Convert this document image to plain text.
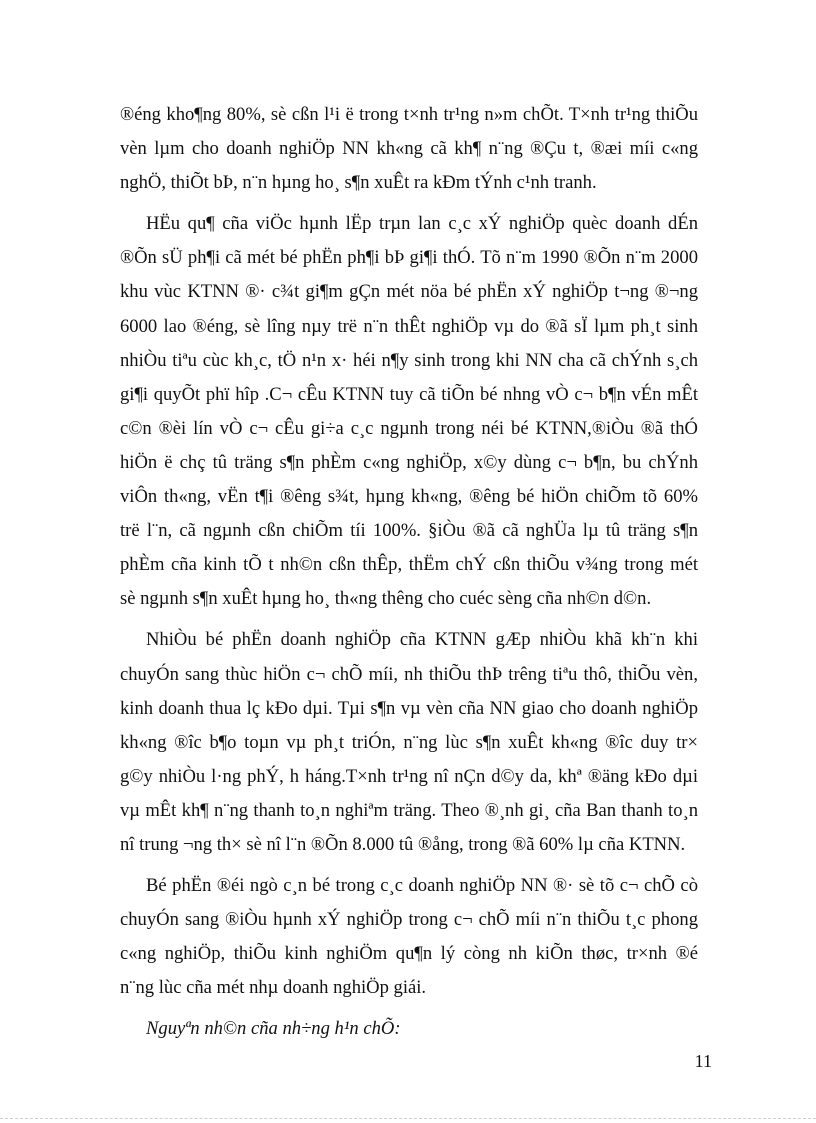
®éng kho¶ng 80%, sè cßn l¹i ë trong t×nh tr¹ng n»m chÕt. T×nh tr¹ng thiÕu
vèn lµm cho doanh nghiÖp NN kh«ng cã kh¶ n¨ng ®Çu t, ®æi míi c«ng
nghÖ, thiÕt bÞ, n¨n hµng ho¸ s¶n xuÊt ra kÐm tÝnh c¹nh tranh.

HËu qu¶ cña viÖc hµnh lËp trµn lan c¸c xÝ nghiÖp quèc doanh dÉn
®Õn sÜ ph¶i cã mét bé phËn ph¶i bÞ gi¶i thÓ. Tõ n¨m 1990 ®Õn n¨m 2000
khu vùc KTNN ®· c¾t gi¶m gÇn mét nöa bé phËn xÝ nghiÖp t¬ng ®¬ng
6000 lao ®éng, sè lîng nµy trë n¨n thÊt nghiÖp vµ do ®ã sÏ lµm ph¸t sinh
nhiÒu tiªu cùc kh¸c, tÖ n¹n x· héi n¶y sinh trong khi NN cha cã chÝnh s¸ch
gi¶i quyÕt phï hîp .C¬ cÊu KTNN tuy cã tiÕn bé nhng vÒ c¬ b¶n vÉn mÊt
c©n ®èi lín vÒ c¬ cÊu gi÷a c¸c ngµnh trong néi bé KTNN,®iÒu ®ã thÓ
hiÖn ë chç tû träng s¶n phÈm c«ng nghiÖp, x©y dùng c¬ b¶n, bu chÝnh
viÔn th«ng, vËn t¶i ®êng s¾t, hµng kh«ng, ®êng bé hiÖn chiÕm tõ 60%
trë l¨n, cã ngµnh cßn chiÕm tíi 100%. §iÒu ®ã cã nghÜa lµ tû träng s¶n
phÈm cña kinh tÕ t nh©n cßn thÊp, thËm chÝ cßn thiÕu v¾ng trong mét
sè ngµnh s¶n xuÊt hµng ho¸ th«ng thêng cho cuéc sèng cña nh©n d©n.

NhiÒu bé phËn doanh nghiÖp cña KTNN gÆp nhiÒu khã kh¨n khi
chuyÓn sang thùc hiÖn c¬ chÕ míi, nh thiÕu thÞ trêng tiªu thô, thiÕu vèn,
kinh doanh thua lç kÐo dµi. Tµi s¶n vµ vèn cña NN giao cho doanh nghiÖp
kh«ng ®îc b¶o toµn vµ ph¸t triÓn, n¨ng lùc s¶n xuÊt kh«ng ®îc duy tr×
g©y nhiÒu l·ng phÝ, h háng.T×nh tr¹ng nî nÇn d©y da, khª ®äng kÐo dµi
vµ mÊt kh¶ n¨ng thanh to¸n nghiªm träng. Theo ®¸nh gi¸ cña Ban thanh to¸n
nî trung ¬ng th× sè nî l¨n ®Õn 8.000 tû ®ång, trong ®ã 60% lµ cña KTNN.

Bé phËn ®éi ngò c¸n bé trong c¸c doanh nghiÖp NN ®· sè tõ c¬ chÕ cò
chuyÓn sang ®iÒu hµnh xÝ nghiÖp trong c¬ chÕ míi n¨n thiÕu t¸c phong
c«ng nghiÖp, thiÕu kinh nghiÖm qu¶n lý còng nh kiÕn thøc, tr×nh ®é
n¨ng lùc cña mét nhµ doanh nghiÖp giái.

Nguyªn nh©n cña nh÷ng h¹n chÕ:

11
